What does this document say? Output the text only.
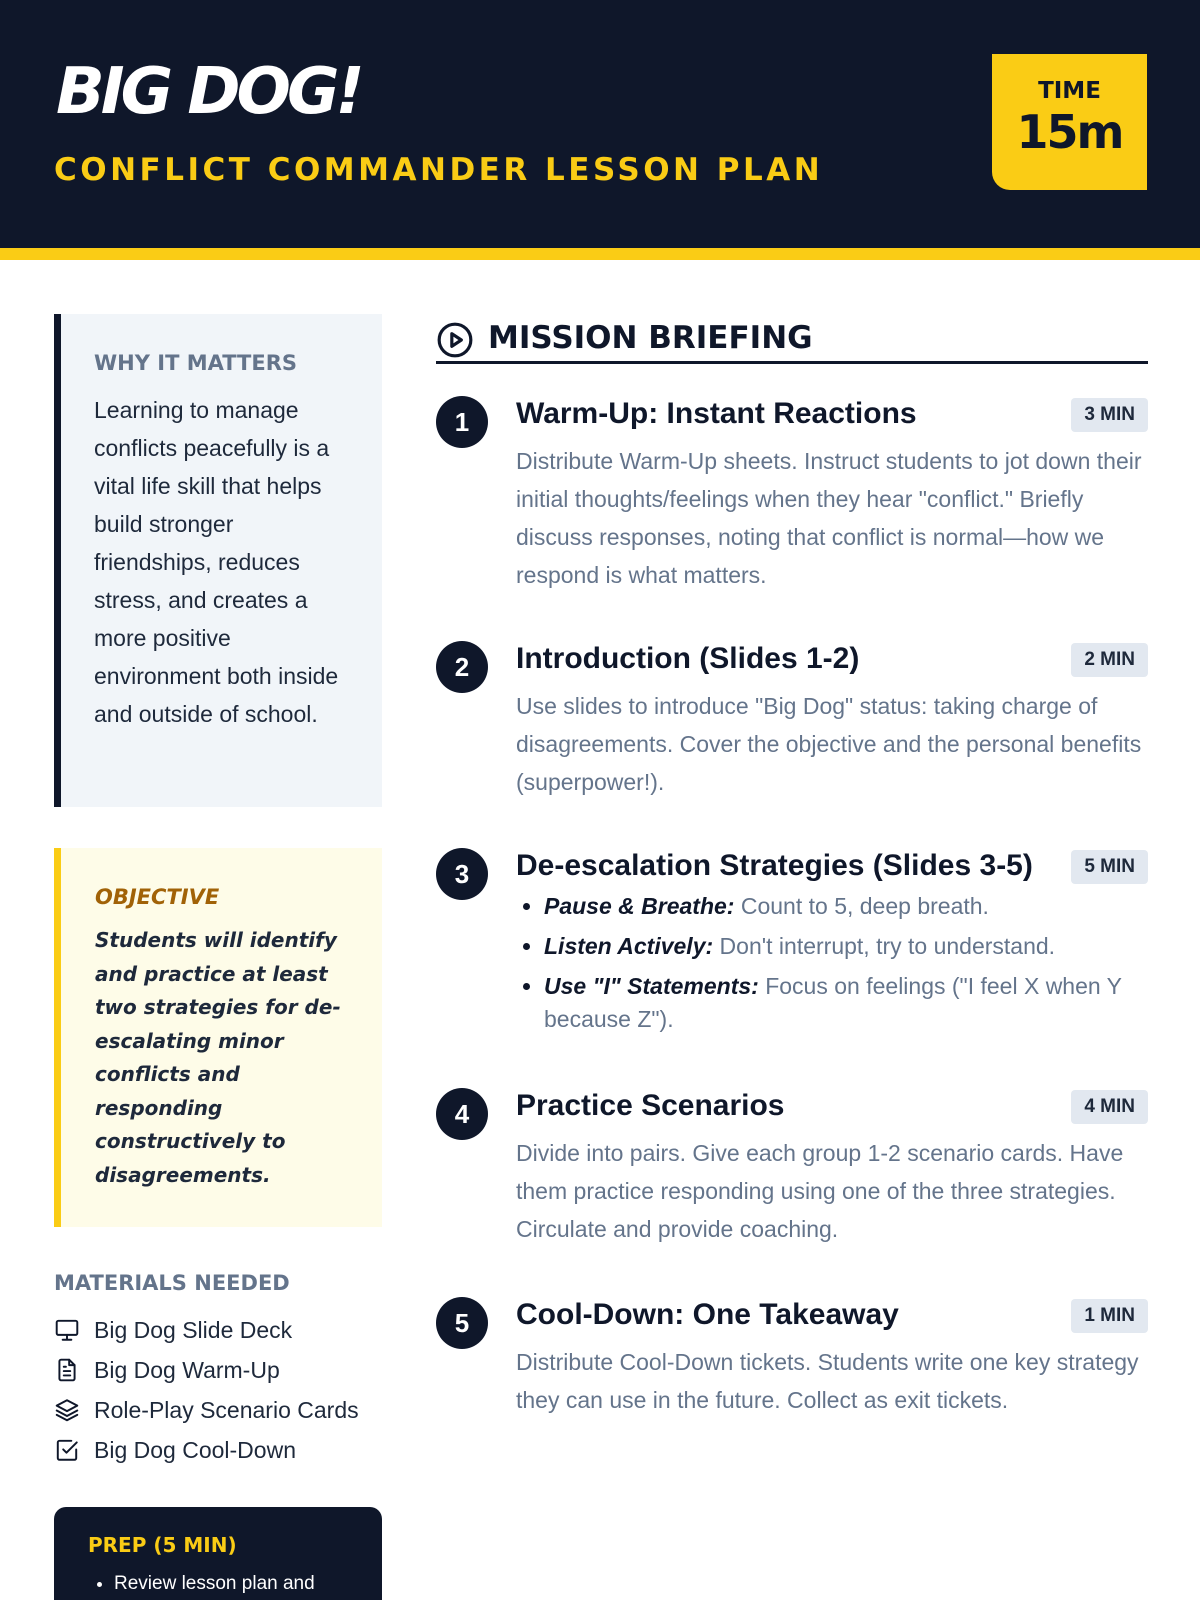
BIG DOG!
CONFLICT COMMANDER LESSON PLAN
TIME
15m
WHY IT MATTERS
Learning to manage conflicts peacefully is a vital life skill that helps build stronger friendships, reduces stress, and creates a more positive environment both inside and outside of school.
OBJECTIVE
Students will identify and practice at least two strategies for de-escalating minor conflicts and responding constructively to disagreements.
MATERIALS NEEDED
Big Dog Slide Deck
Big Dog Warm-Up
Role-Play Scenario Cards
Big Dog Cool-Down
PREP (5 MIN)
• Review lesson plan and
MISSION BRIEFING
1	Warm-Up: Instant Reactions	3 MIN
Distribute Warm-Up sheets. Instruct students to jot down their initial thoughts/feelings when they hear "conflict." Briefly discuss responses, noting that conflict is normal—how we respond is what matters.
2	Introduction (Slides 1-2)	2 MIN
Use slides to introduce "Big Dog" status: taking charge of disagreements. Cover the objective and the personal benefits (superpower!).
3	De-escalation Strategies (Slides 3-5)	5 MIN
• Pause & Breathe: Count to 5, deep breath.
• Listen Actively: Don't interrupt, try to understand.
• Use "I" Statements: Focus on feelings ("I feel X when Y because Z").
4	Practice Scenarios	4 MIN
Divide into pairs. Give each group 1-2 scenario cards. Have them practice responding using one of the three strategies. Circulate and provide coaching.
5	Cool-Down: One Takeaway	1 MIN
Distribute Cool-Down tickets. Students write one key strategy they can use in the future. Collect as exit tickets.
